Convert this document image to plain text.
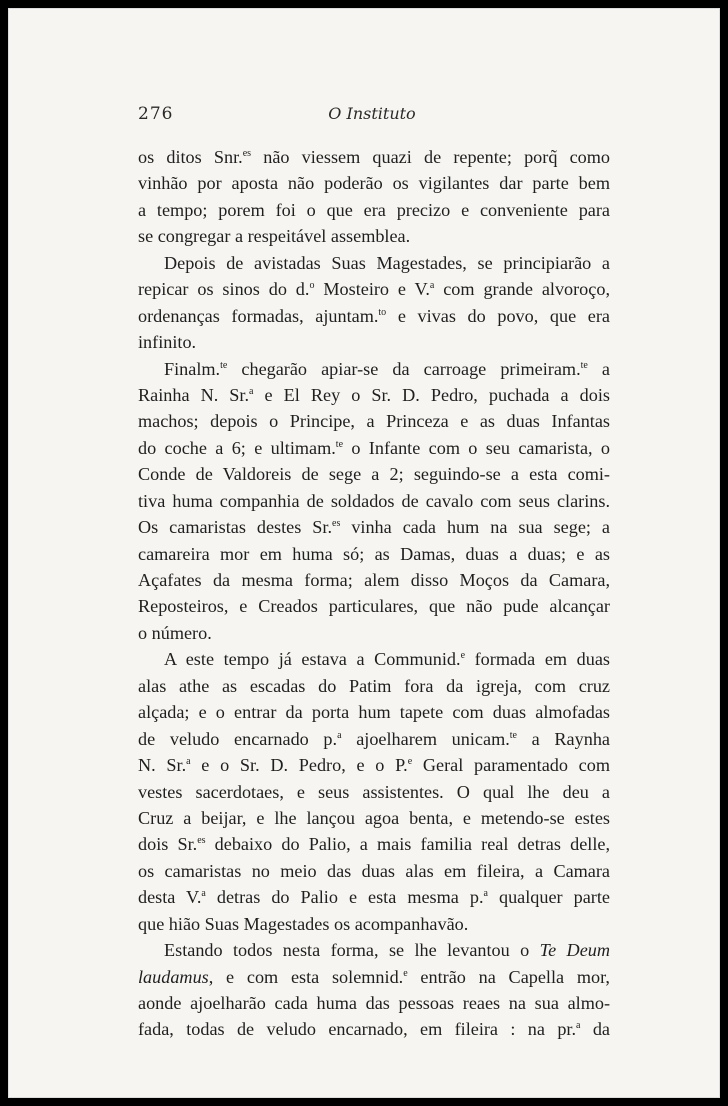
276	O Instituto
os ditos Snr.$^{es}$ não viessem quazi de repente; porq̃ como
vinhão por aposta não poderão os vigilantes dar parte bem
a tempo; porem foi o que era precizo e conveniente para
se congregar a respeitável assemblea.
Depois de avistadas Suas Magestades, se principiarão a
repicar os sinos do d.$^o$ Mosteiro e V.$^a$ com grande alvoroço,
ordenanças formadas, ajuntam.$^{to}$ e vivas do povo, que era
infinito.
Finalm.$^{te}$ chegarão apiar-se da carroage primeiram.$^{te}$ a
Rainha N. Sr.$^a$ e El Rey o Sr. D. Pedro, puchada a dois
machos; depois o Principe, a Princeza e as duas Infantas
do coche a 6; e ultimam.$^{te}$ o Infante com o seu camarista, o
Conde de Valdoreis de sege a 2; seguindo-se a esta comi-
tiva huma companhia de soldados de cavalo com seus clarins.
Os camaristas destes Sr.$^{es}$ vinha cada hum na sua sege; a
camareira mor em huma só; as Damas, duas a duas; e as
Açafates da mesma forma; alem disso Moços da Camara,
Reposteiros, e Creados particulares, que não pude alcançar
o número.
A este tempo já estava a Communid.$^e$ formada em duas
alas athe as escadas do Patim fora da igreja, com cruz
alçada; e o entrar da porta hum tapete com duas almofadas
de veludo encarnado p.$^a$ ajoelharem unicam.$^{te}$ a Raynha
N. Sr.$^a$ e o Sr. D. Pedro, e o P.$^e$ Geral paramentado com
vestes sacerdotaes, e seus assistentes. O qual lhe deu a
Cruz a beijar, e lhe lançou agoa benta, e metendo-se estes
dois Sr.$^{es}$ debaixo do Palio, a mais familia real detras delle,
os camaristas no meio das duas alas em fileira, a Camara
desta V.$^a$ detras do Palio e esta mesma p.$^a$ qualquer parte
que hião Suas Magestades os acompanhavão.
Estando todos nesta forma, se lhe levantou o Te Deum
laudamus, e com esta solemnid.$^e$ entrão na Capella mor,
aonde ajoelharão cada huma das pessoas reaes na sua almo-
fada, todas de veludo encarnado, em fileira : na pr.$^a$ da
